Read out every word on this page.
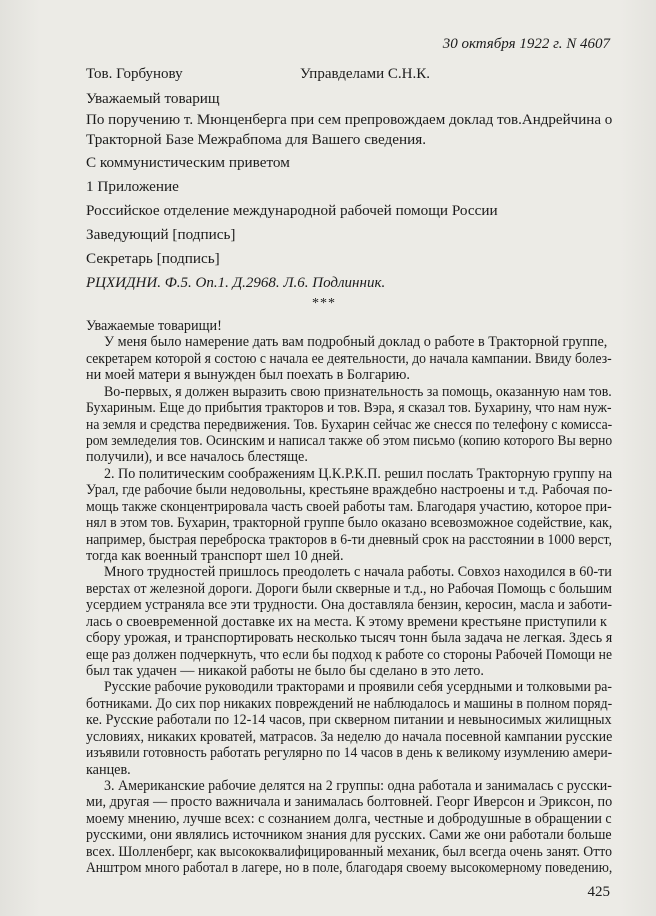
30 октября 1922 г. N 4607
Тов. Горбунову	Управделами С.Н.К.
Уважаемый товарищ
По поручению т. Мюнценберга при сем препровождаем доклад тов.Андрейчина о
Тракторной Базе Межрабпома для Вашего сведения.
С коммунистическим приветом
1 Приложение
Российское отделение международной рабочей помощи России
Заведующий [подпись]
Секретарь [подпись]
РЦХИДНИ. Ф.5. Оп.1. Д.2968. Л.6. Подлинник.
***
Уважаемые товарищи!
У меня было намерение дать вам подробный доклад о работе в Тракторной группе,
секретарем которой я состою с начала ее деятельности, до начала кампании. Ввиду болез-
ни моей матери я вынужден был поехать в Болгарию.
Во-первых, я должен выразить свою признательность за помощь, оказанную нам тов.
Бухариным. Еще до прибытия тракторов и тов. Вэра, я сказал тов. Бухарину, что нам нуж-
на земля и средства передвижения. Тов. Бухарин сейчас же снесся по телефону с комисса-
ром земледелия тов. Осинским и написал также об этом письмо (копию которого Вы верно
получили), и все началось блестяще.
2. По политическим соображениям Ц.К.Р.К.П. решил послать Тракторную группу на
Урал, где рабочие были недовольны, крестьяне враждебно настроены и т.д. Рабочая по-
мощь также сконцентрировала часть своей работы там. Благодаря участию, которое при-
нял в этом тов. Бухарин, тракторной группе было оказано всевозможное содействие, как,
например, быстрая переброска тракторов в 6-ти дневный срок на расстоянии в 1000 верст,
тогда как военный транспорт шел 10 дней.
Много трудностей пришлось преодолеть с начала работы. Совхоз находился в 60-ти
верстах от железной дороги. Дороги были скверные и т.д., но Рабочая Помощь с большим
усердием устраняла все эти трудности. Она доставляла бензин, керосин, масла и заботи-
лась о своевременной доставке их на места. К этому времени крестьяне приступили к
сбору урожая, и транспортировать несколько тысяч тонн была задача не легкая. Здесь я
еще раз должен подчеркнуть, что если бы подход к работе со стороны Рабочей Помощи не
был так удачен — никакой работы не было бы сделано в это лето.
Русские рабочие руководили тракторами и проявили себя усердными и толковыми ра-
ботниками. До сих пор никаких повреждений не наблюдалось и машины в полном поряд-
ке. Русские работали по 12-14 часов, при скверном питании и невыносимых жилищных
условиях, никаких кроватей, матрасов. За неделю до начала посевной кампании русские
изъявили готовность работать регулярно по 14 часов в день к великому изумлению амери-
канцев.
3. Американские рабочие делятся на 2 группы: одна работала и занималась с русски-
ми, другая — просто важничала и занималась болтовней. Георг Иверсон и Эриксон, по
моему мнению, лучше всех: с сознанием долга, честные и добродушные в обращении с
русскими, они являлись источником знания для русских. Сами же они работали больше
всех. Шолленберг, как высококвалифицированный механик, был всегда очень занят. Отто
Анштром много работал в лагере, но в поле, благодаря своему высокомерному поведению,
425
